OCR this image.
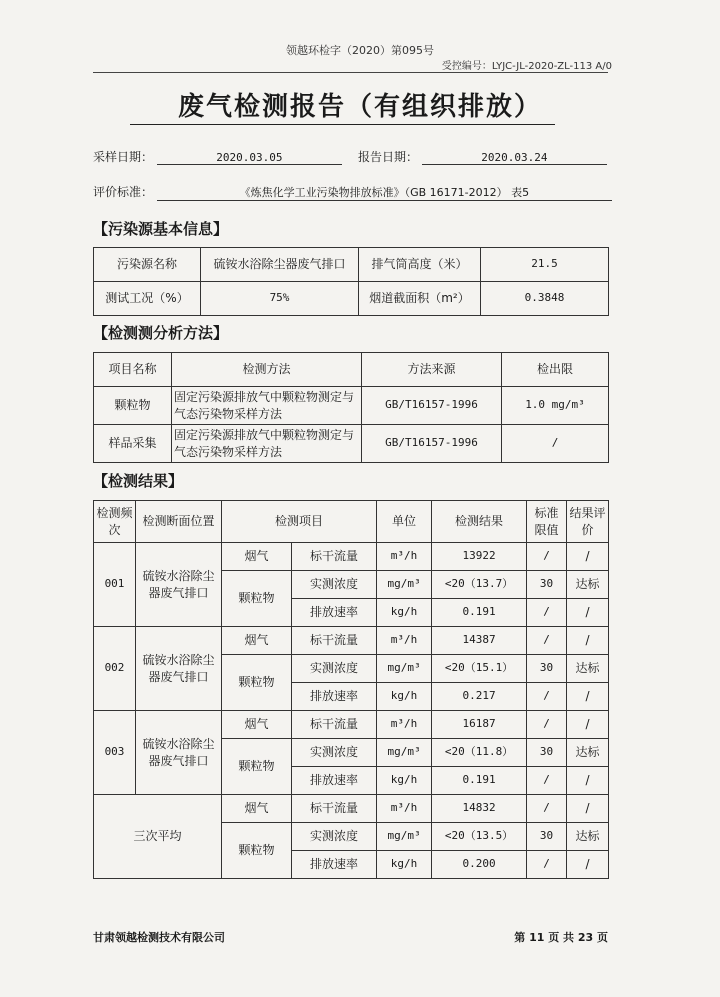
领越环检字（2020）第095号
受控编号：LYJC-JL-2020-ZL-113 A/0
废气检测报告（有组织排放）
采样日期：	2020.03.05	报告日期：	2020.03.24
评价标准：	《炼焦化学工业污染物排放标准》（GB 16171-2012） 表5
【污染源基本信息】
污染源名称	硫铵水浴除尘器废气排口	排气筒高度（米）	21.5
测试工况（%）	75%	烟道截面积（m²）	0.3848
【检测测分析方法】
项目名称	检测方法	方法来源	检出限
颗粒物	固定污染源排放气中颗粒物测定与气态污染物采样方法	GB/T16157-1996	1.0 mg/m³
样品采集	固定污染源排放气中颗粒物测定与气态污染物采样方法	GB/T16157-1996	/
【检测结果】
检测频次	检测断面位置	检测项目		单位	检测结果	标准限值	结果评价
001	硫铵水浴除尘器废气排口	烟气	标干流量	m³/h	13922	/	/
		颗粒物	实测浓度	mg/m³	<20（13.7）	30	达标
			排放速率	kg/h	0.191	/	/
002	硫铵水浴除尘器废气排口	烟气	标干流量	m³/h	14387	/	/
		颗粒物	实测浓度	mg/m³	<20（15.1）	30	达标
			排放速率	kg/h	0.217	/	/
003	硫铵水浴除尘器废气排口	烟气	标干流量	m³/h	16187	/	/
		颗粒物	实测浓度	mg/m³	<20（11.8）	30	达标
			排放速率	kg/h	0.191	/	/
三次平均		烟气	标干流量	m³/h	14832	/	/
		颗粒物	实测浓度	mg/m³	<20（13.5）	30	达标
			排放速率	kg/h	0.200	/	/
甘肃领越检测技术有限公司	第 11 页 共 23 页
